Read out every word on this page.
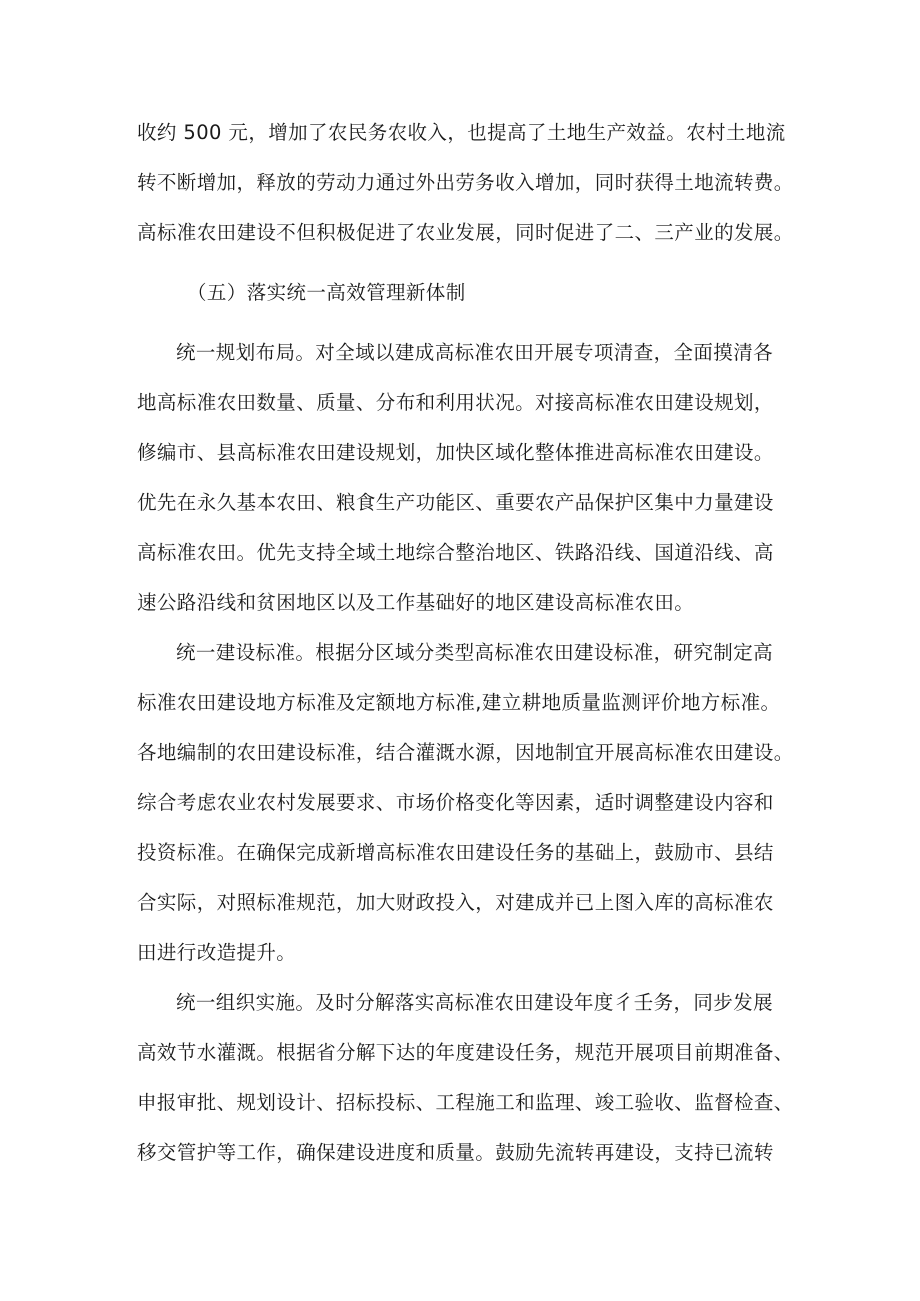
收约 500 元，增加了农民务农收入，也提高了土地生产效益。农村土地流
转不断增加，释放的劳动力通过外出劳务收入增加，同时获得土地流转费。
高标准农田建设不但积极促进了农业发展，同时促进了二、三产业的发展。
（五）落实统一高效管理新体制
统一规划布局。对全域以建成高标准农田开展专项清查，全面摸清各
地高标准农田数量、质量、分布和利用状况。对接高标准农田建设规划，
修编市、县高标准农田建设规划，加快区域化整体推进高标准农田建设。
优先在永久基本农田、粮食生产功能区、重要农产品保护区集中力量建设
高标准农田。优先支持全域土地综合整治地区、铁路沿线、国道沿线、高
速公路沿线和贫困地区以及工作基础好的地区建设高标准农田。
统一建设标准。根据分区域分类型高标准农田建设标准，研究制定高
标准农田建设地方标准及定额地方标准,建立耕地质量监测评价地方标准。
各地编制的农田建设标准，结合灌溉水源，因地制宜开展高标准农田建设。
综合考虑农业农村发展要求、市场价格变化等因素，适时调整建设内容和
投资标准。在确保完成新增高标准农田建设任务的基础上，鼓励市、县结
合实际，对照标准规范，加大财政投入，对建成并已上图入库的高标准农
田进行改造提升。
统一组织实施。及时分解落实高标准农田建设年度彳壬务，同步发展
高效节水灌溉。根据省分解下达的年度建设任务，规范开展项目前期准备、
申报审批、规划设计、招标投标、工程施工和监理、竣工验收、监督检查、
移交管护等工作，确保建设进度和质量。鼓励先流转再建设，支持已流转
